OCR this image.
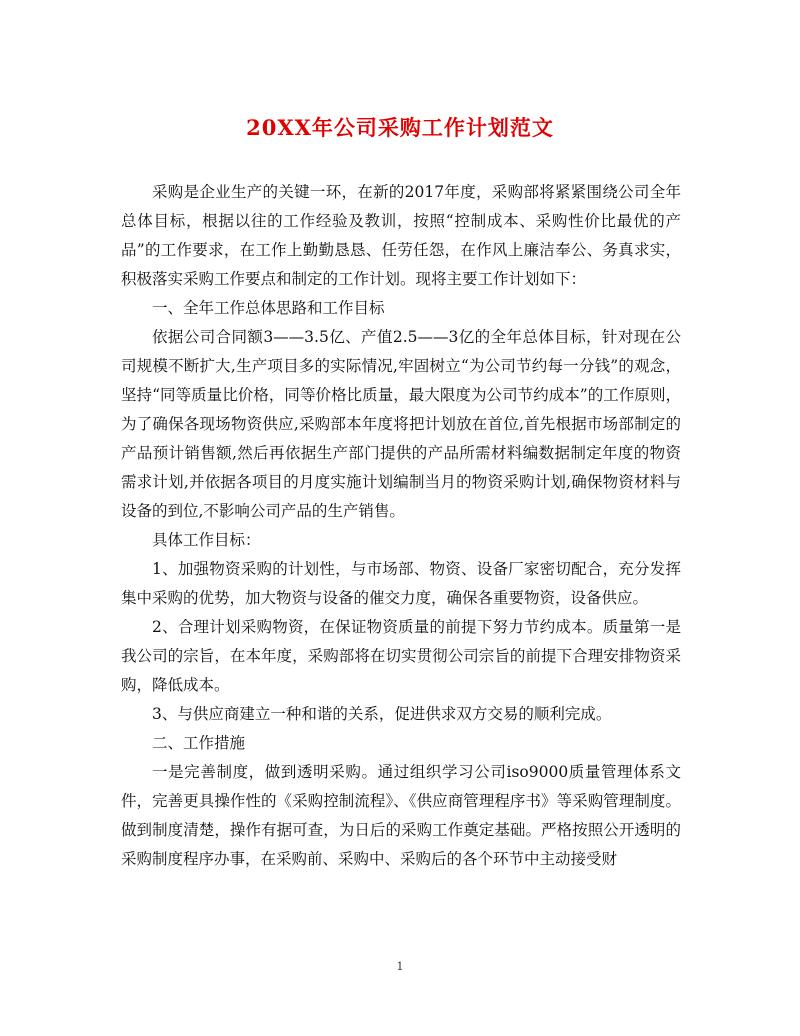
20XX年公司采购工作计划范文

采购是企业生产的关键一环，在新的2017年度，采购部将紧紧围绕公司全年总体目标，根据以往的工作经验及教训，按照“控制成本、采购性价比最优的产品”的工作要求，在工作上勤勤恳恳、任劳任怨，在作风上廉洁奉公、务真求实，积极落实采购工作要点和制定的工作计划。现将主要工作计划如下：

一、全年工作总体思路和工作目标

依据公司合同额3——3.5亿、产值2.5——3亿的全年总体目标，针对现在公司规模不断扩大,生产项目多的实际情况,牢固树立“为公司节约每一分钱”的观念，坚持“同等质量比价格，同等价格比质量，最大限度为公司节约成本”的工作原则，为了确保各现场物资供应,采购部本年度将把计划放在首位,首先根据市场部制定的产品预计销售额,然后再依据生产部门提供的产品所需材料编数据制定年度的物资需求计划,并依据各项目的月度实施计划编制当月的物资采购计划,确保物资材料与设备的到位,不影响公司产品的生产销售。

具体工作目标：

1、加强物资采购的计划性，与市场部、物资、设备厂家密切配合，充分发挥集中采购的优势，加大物资与设备的催交力度，确保各重要物资，设备供应。

2、合理计划采购物资，在保证物资质量的前提下努力节约成本。质量第一是我公司的宗旨，在本年度，采购部将在切实贯彻公司宗旨的前提下合理安排物资采购，降低成本。

3、与供应商建立一种和谐的关系，促进供求双方交易的顺利完成。

二、工作措施

一是完善制度，做到透明采购。通过组织学习公司iso9000质量管理体系文件，完善更具操作性的《采购控制流程》、《供应商管理程序书》等采购管理制度。做到制度清楚，操作有据可查，为日后的采购工作奠定基础。严格按照公开透明的采购制度程序办事，在采购前、采购中、采购后的各个环节中主动接受财

1
